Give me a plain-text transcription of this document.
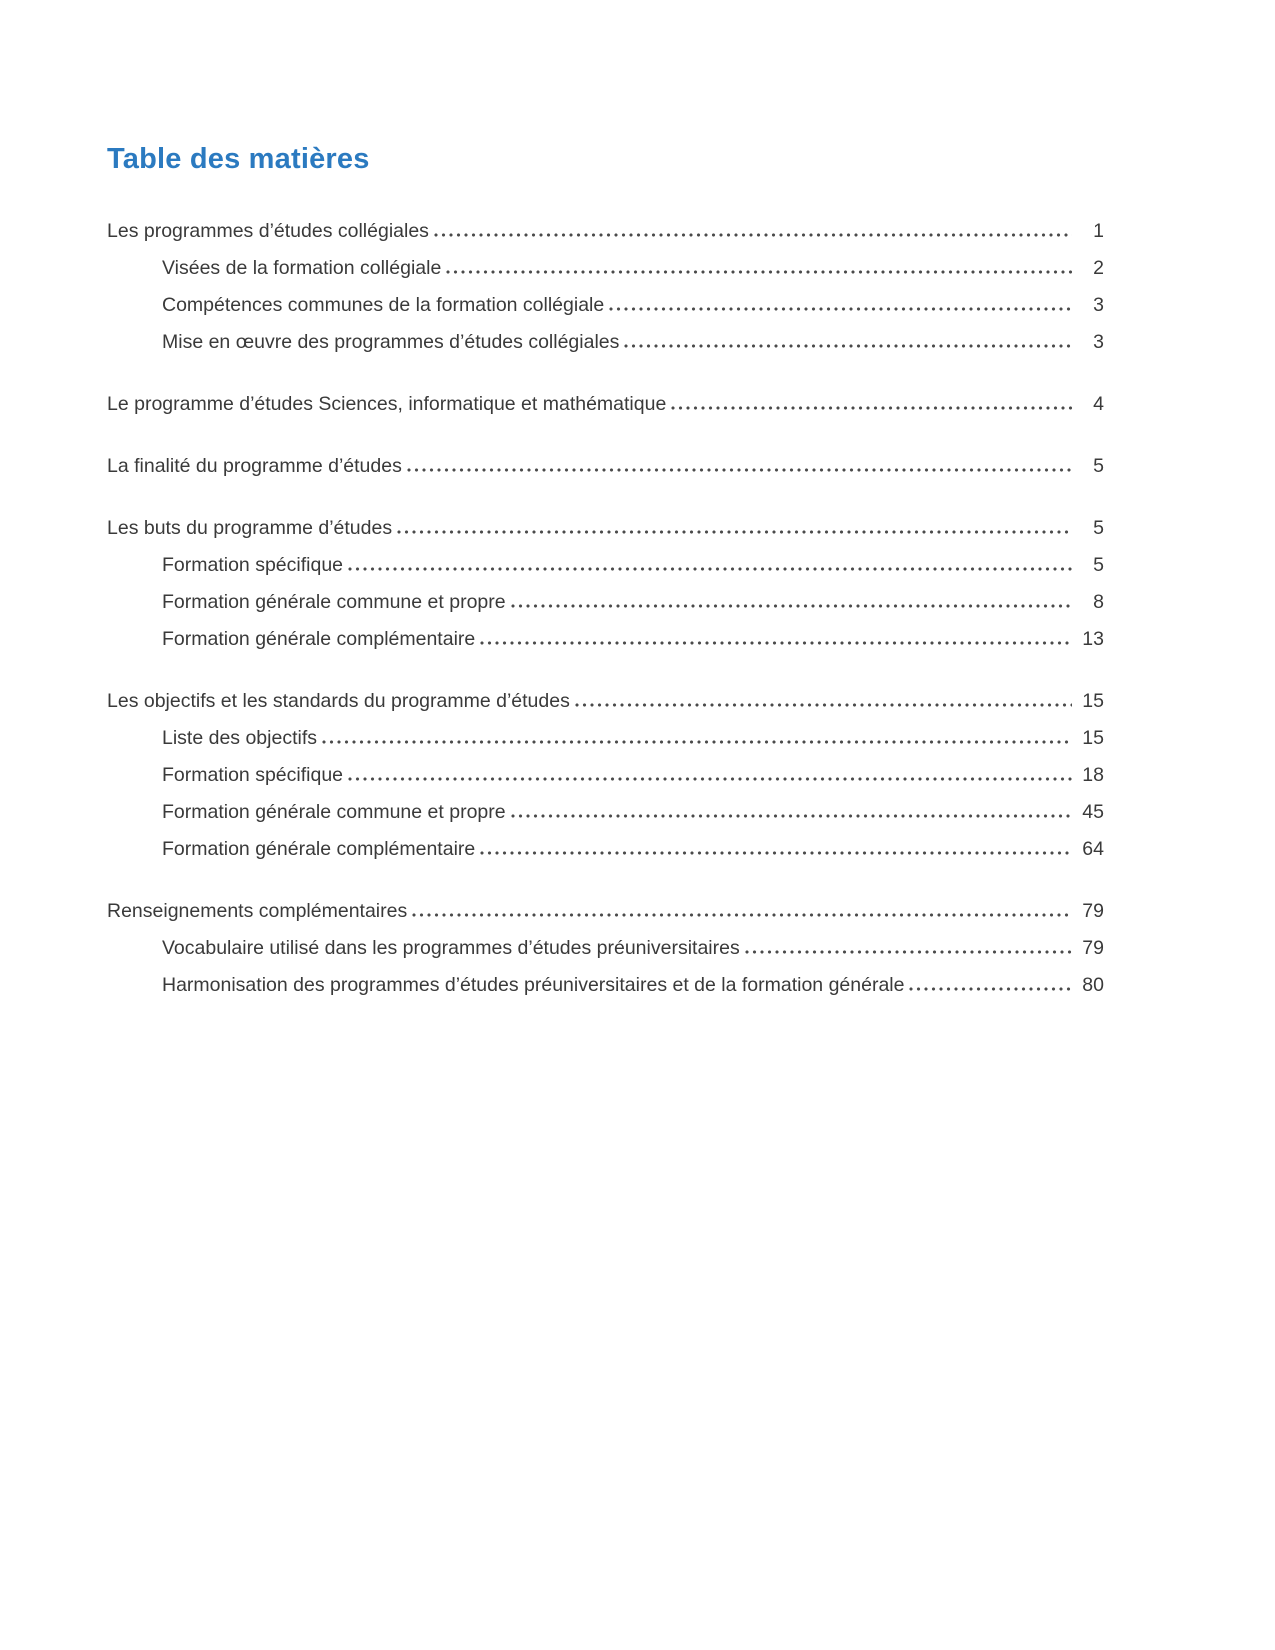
Table des matières
Les programmes d’études collégiales	1
Visées de la formation collégiale	2
Compétences communes de la formation collégiale	3
Mise en œuvre des programmes d’études collégiales	3
Le programme d’études Sciences, informatique et mathématique	4
La finalité du programme d’études	5
Les buts du programme d’études	5
Formation spécifique	5
Formation générale commune et propre	8
Formation générale complémentaire	13
Les objectifs et les standards du programme d’études	15
Liste des objectifs	15
Formation spécifique	18
Formation générale commune et propre	45
Formation générale complémentaire	64
Renseignements complémentaires	79
Vocabulaire utilisé dans les programmes d’études préuniversitaires	79
Harmonisation des programmes d’études préuniversitaires et de la formation générale	80
